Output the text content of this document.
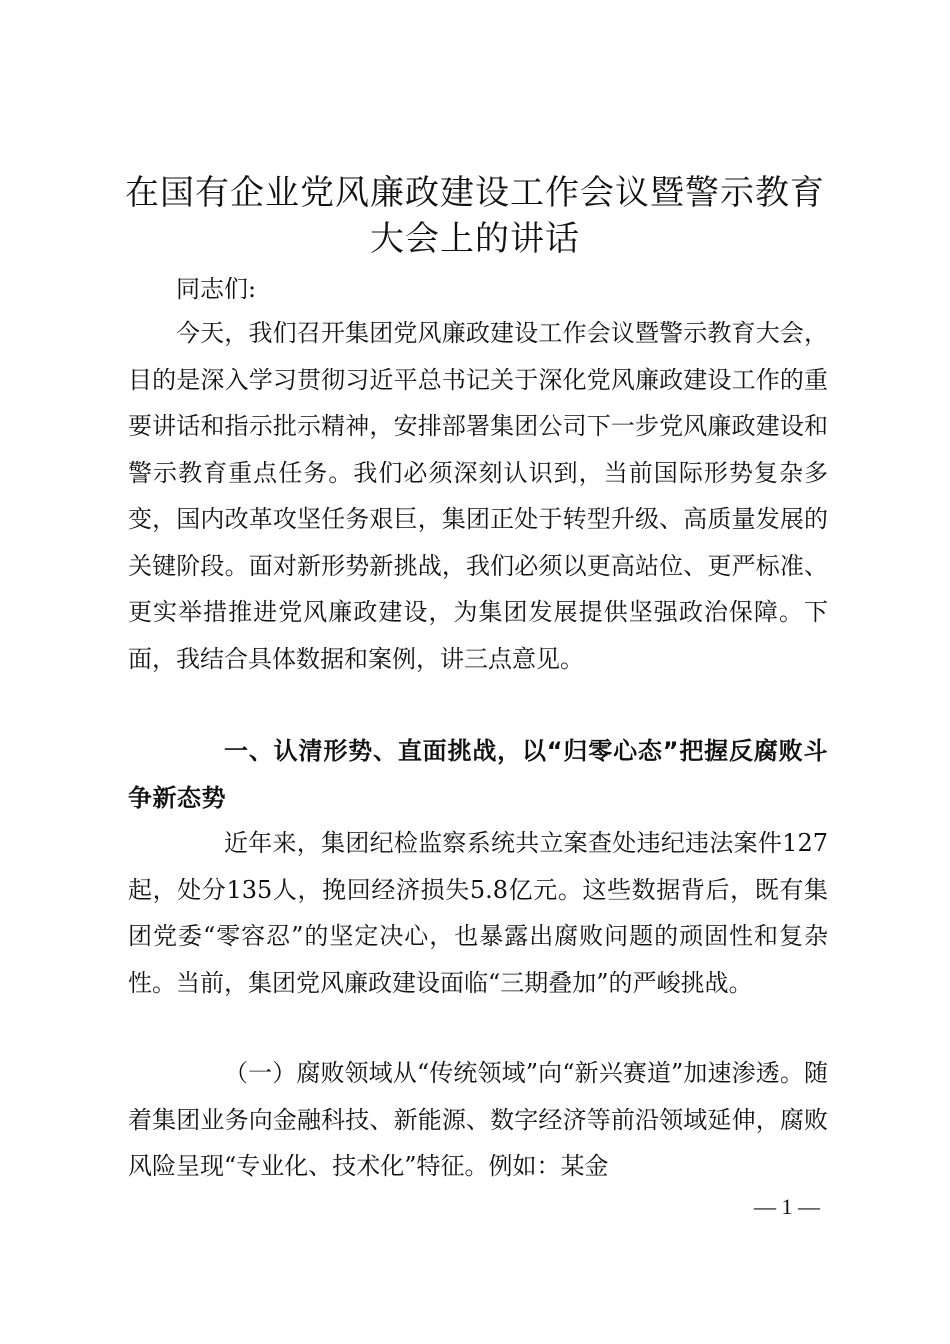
在国有企业党风廉政建设工作会议暨警示教育
大会上的讲话
同志们:
今天，我们召开集团党风廉政建设工作会议暨警示教育大会，目的是深入学习贯彻习近平总书记关于深化党风廉政建设工作的重要讲话和指示批示精神，安排部署集团公司下一步党风廉政建设和警示教育重点任务。我们必须深刻认识到，当前国际形势复杂多变，国内改革攻坚任务艰巨，集团正处于转型升级、高质量发展的关键阶段。面对新形势新挑战，我们必须以更高站位、更严标准、更实举措推进党风廉政建设，为集团发展提供坚强政治保障。下面，我结合具体数据和案例，讲三点意见。
一、认清形势、直面挑战，以“归零心态”把握反腐败斗争新态势
近年来，集团纪检监察系统共立案查处违纪违法案件127起，处分135人，挽回经济损失5.8亿元。这些数据背后，既有集团党委“零容忍”的坚定决心，也暴露出腐败问题的顽固性和复杂性。当前，集团党风廉政建设面临“三期叠加”的严峻挑战。
（一）腐败领域从“传统领域”向“新兴赛道”加速渗透。随着集团业务向金融科技、新能源、数字经济等前沿领域延伸，腐败风险呈现“专业化、技术化”特征。例如：某金
— 1 —
